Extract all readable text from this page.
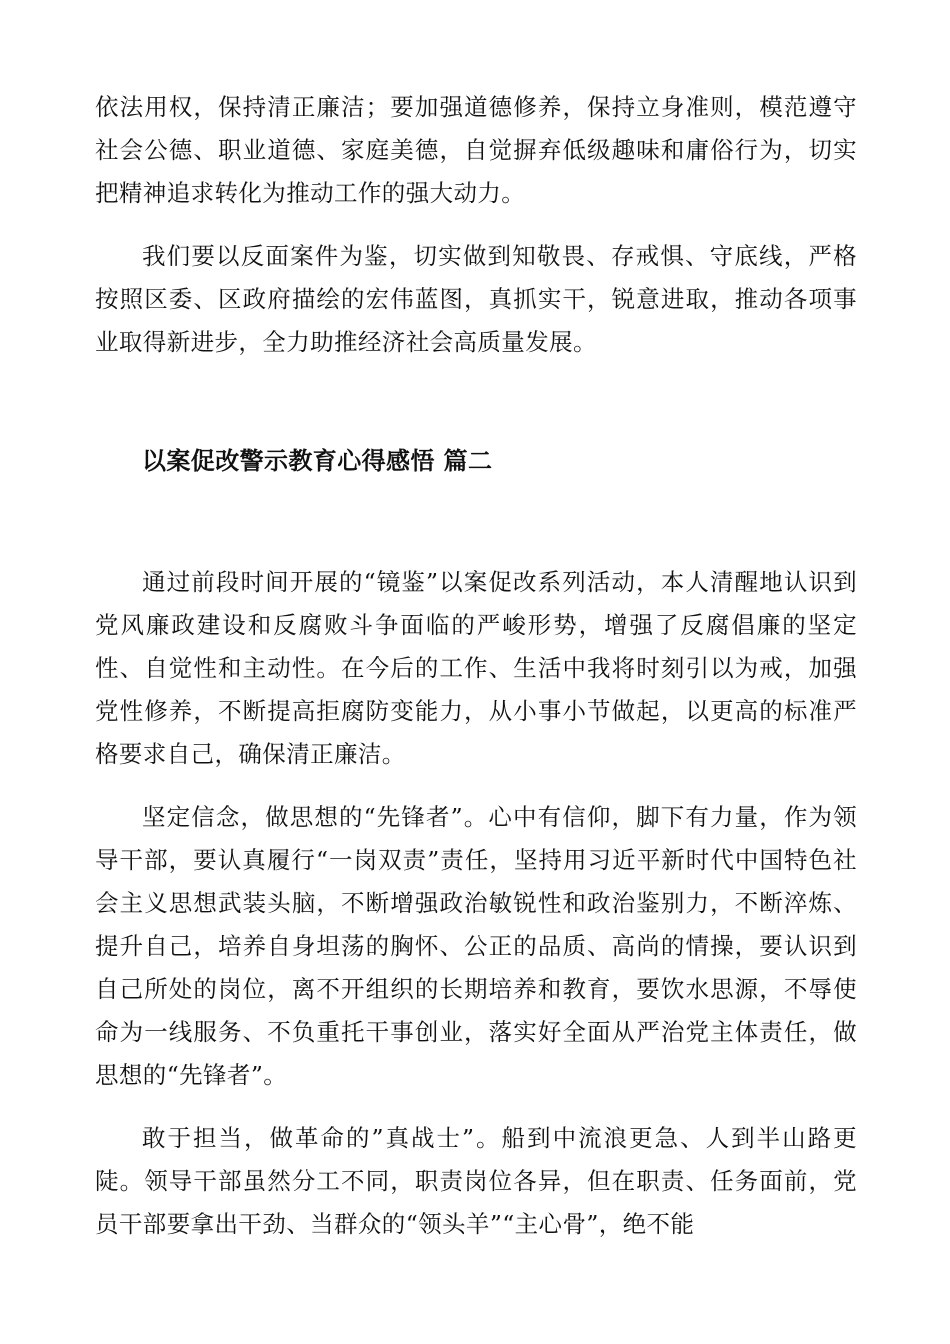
依法用权，保持清正廉洁；要加强道德修养，保持立身准则，模范遵守社会公德、职业道德、家庭美德，自觉摒弃低级趣味和庸俗行为，切实把精神追求转化为推动工作的强大动力。

我们要以反面案件为鉴，切实做到知敬畏、存戒惧、守底线，严格按照区委、区政府描绘的宏伟蓝图，真抓实干，锐意进取，推动各项事业取得新进步，全力助推经济社会高质量发展。

以案促改警示教育心得感悟 篇二

通过前段时间开展的“镜鉴”以案促改系列活动，本人清醒地认识到党风廉政建设和反腐败斗争面临的严峻形势，增强了反腐倡廉的坚定性、自觉性和主动性。在今后的工作、生活中我将时刻引以为戒，加强党性修养，不断提高拒腐防变能力，从小事小节做起，以更高的标准严格要求自己，确保清正廉洁。

坚定信念，做思想的“先锋者”。心中有信仰，脚下有力量，作为领导干部，要认真履行“一岗双责”责任，坚持用习近平新时代中国特色社会主义思想武装头脑，不断增强政治敏锐性和政治鉴别力，不断淬炼、提升自己，培养自身坦荡的胸怀、公正的品质、高尚的情操，要认识到自己所处的岗位，离不开组织的长期培养和教育，要饮水思源，不辱使命为一线服务、不负重托干事创业，落实好全面从严治党主体责任，做思想的“先锋者”。

敢于担当，做革命的”真战士”。船到中流浪更急、人到半山路更陡。领导干部虽然分工不同，职责岗位各异，但在职责、任务面前，党员干部要拿出干劲、当群众的“领头羊”“主心骨”，绝不能
